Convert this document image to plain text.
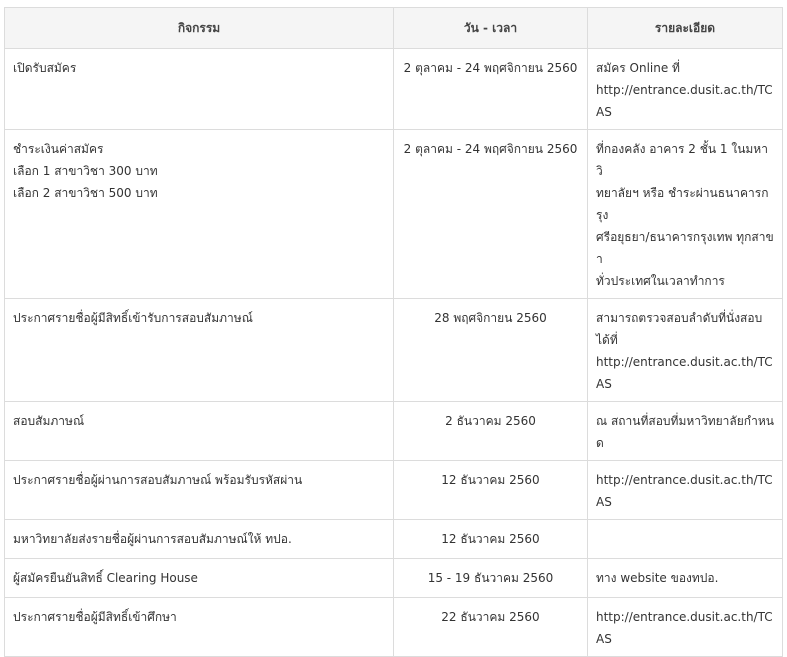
กิจกรรม	วัน - เวลา	รายละเอียด

เปิดรับสมัคร	2 ตุลาคม - 24 พฤศจิกายน 2560	สมัคร Online ที่
http://entrance.dusit.ac.th/TCAS

ชำระเงินค่าสมัคร
เลือก 1 สาขาวิชา 300 บาท
เลือก 2 สาขาวิชา 500 บาท	2 ตุลาคม - 24 พฤศจิกายน 2560	ที่กองคลัง อาคาร 2 ชั้น 1 ในมหาวิ
ทยาลัยฯ หรือ ชำระผ่านธนาคารกรุง
ศรีอยุธยา/ธนาคารกรุงเทพ ทุกสาขา
ทั่วประเทศในเวลาทำการ

ประกาศรายชื่อผู้มีสิทธิ์เข้ารับการสอบสัมภาษณ์	28 พฤศจิกายน 2560	สามารถตรวจสอบลำดับที่นั่งสอบ
ได้ที่
http://entrance.dusit.ac.th/TCAS

สอบสัมภาษณ์	2 ธันวาคม 2560	ณ สถานที่สอบที่มหาวิทยาลัยกำหนด

ประกาศรายชื่อผู้ผ่านการสอบสัมภาษณ์ พร้อมรับรหัสผ่าน	12 ธันวาคม 2560	http://entrance.dusit.ac.th/TCAS

มหาวิทยาลัยส่งรายชื่อผู้ผ่านการสอบสัมภาษณ์ให้ ทปอ.	12 ธันวาคม 2560	

ผู้สมัครยืนยันสิทธิ์ Clearing House	15 - 19 ธันวาคม 2560	ทาง website ของทปอ.

ประกาศรายชื่อผู้มีสิทธิ์เข้าศึกษา	22 ธันวาคม 2560	http://entrance.dusit.ac.th/TCAS
